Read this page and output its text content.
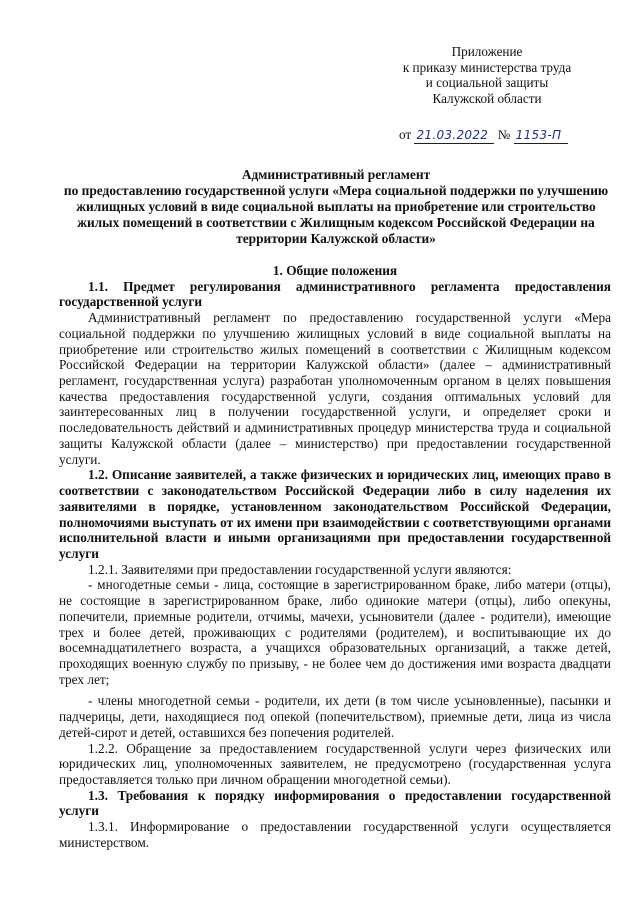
Приложение
к приказу министерства труда
и социальной защиты
Калужской области
от 21.03.2022 № 1153-П
Административный регламент
по предоставлению государственной услуги «Мера социальной поддержки по улучшению жилищных условий в виде социальной выплаты на приобретение или строительство жилых помещений в соответствии с Жилищным кодексом Российской Федерации на территории Калужской области»

1. Общие положения

1.1. Предмет регулирования административного регламента предоставления государственной услуги

Административный регламент по предоставлению государственной услуги «Мера социальной поддержки по улучшению жилищных условий в виде социальной выплаты на приобретение или строительство жилых помещений в соответствии с Жилищным кодексом Российской Федерации на территории Калужской области» (далее – административный регламент, государственная услуга) разработан уполномоченным органом в целях повышения качества предоставления государственной услуги, создания оптимальных условий для заинтересованных лиц в получении государственной услуги, и определяет сроки и последовательность действий и административных процедур министерства труда и социальной защиты Калужской области (далее – министерство) при предоставлении государственной услуги.

1.2. Описание заявителей, а также физических и юридических лиц, имеющих право в соответствии с законодательством Российской Федерации либо в силу наделения их заявителями в порядке, установленном законодательством Российской Федерации, полномочиями выступать от их имени при взаимодействии с соответствующими органами исполнительной власти и иными организациями при предоставлении государственной услуги

1.2.1. Заявителями при предоставлении государственной услуги являются:

- многодетные семьи - лица, состоящие в зарегистрированном браке, либо матери (отцы), не состоящие в зарегистрированном браке, либо одинокие матери (отцы), либо опекуны, попечители, приемные родители, отчимы, мачехи, усыновители (далее - родители), имеющие трех и более детей, проживающих с родителями (родителем), и воспитывающие их до восемнадцатилетнего возраста, а учащихся образовательных организаций, а также детей, проходящих военную службу по призыву, - не более чем до достижения ими возраста двадцати трех лет;

- члены многодетной семьи - родители, их дети (в том числе усыновленные), пасынки и падчерицы, дети, находящиеся под опекой (попечительством), приемные дети, лица из числа детей-сирот и детей, оставшихся без попечения родителей.

1.2.2. Обращение за предоставлением государственной услуги через физических или юридических лиц, уполномоченных заявителем, не предусмотрено (государственная услуга предоставляется только при личном обращении многодетной семьи).

1.3. Требования к порядку информирования о предоставлении государственной услуги

1.3.1. Информирование о предоставлении государственной услуги осуществляется министерством.
